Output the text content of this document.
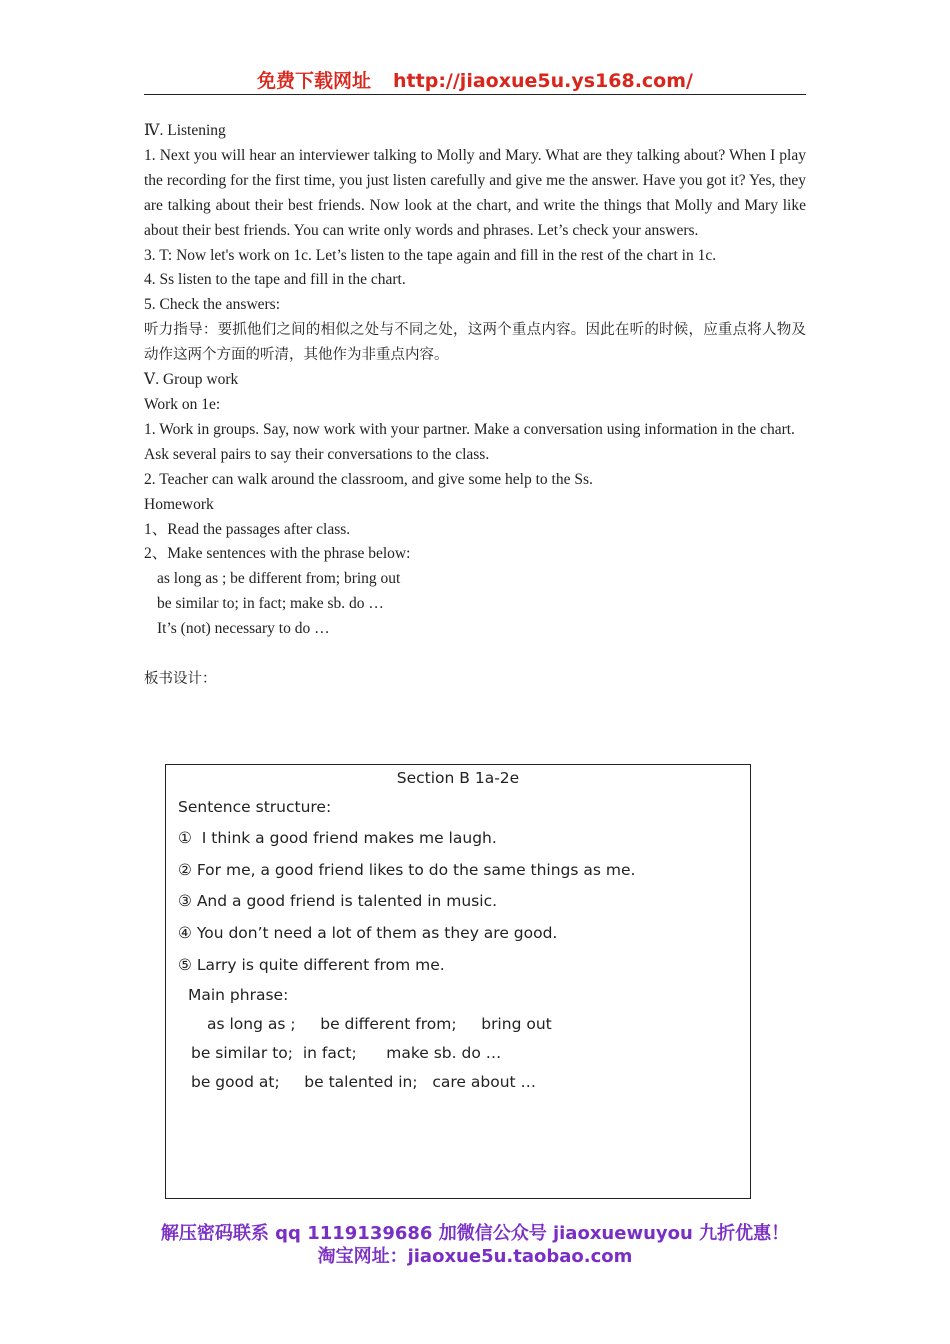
免费下载网址 http://jiaoxue5u.ys168.com/

Ⅳ. Listening

1. Next you will hear an interviewer talking to Molly and Mary. What are they talking about? When I play the recording for the first time, you just listen carefully and give me the answer. Have you got it? Yes, they are talking about their best friends. Now look at the chart, and write the things that Molly and Mary like about their best friends. You can write only words and phrases. Let’s check your answers.

3. T: Now let's work on 1c. Let’s listen to the tape again and fill in the rest of the chart in 1c.

4. Ss listen to the tape and fill in the chart.

5. Check the answers:

听力指导：要抓他们之间的相似之处与不同之处，这两个重点内容。因此在听的时候，应重点将人物及动作这两个方面的听清，其他作为非重点内容。

Ⅴ. Group work

Work on 1e:

1. Work in groups. Say, now work with your partner. Make a conversation using information in the chart.

Ask several pairs to say their conversations to the class.

2. Teacher can walk around the classroom, and give some help to the Ss.

Homework

1、Read the passages after class.

2、Make sentences with the phrase below:

as long as ; be different from; bring out

be similar to; in fact; make sb. do …

It’s (not) necessary to do …

板书设计：

Section B 1a-2e
Sentence structure:
①  I think a good friend makes me laugh.
② For me, a good friend likes to do the same things as me.
③ And a good friend is talented in music.
④ You don’t need a lot of them as they are good.
⑤ Larry is quite different from me.
Main phrase:
as long as ;     be different from;     bring out
be similar to;  in fact;      make sb. do …
be good at;     be talented in;   care about …
解压密码联系 qq 1119139686 加微信公众号 jiaoxuewuyou 九折优惠！
淘宝网址：jiaoxue5u.taobao.com
